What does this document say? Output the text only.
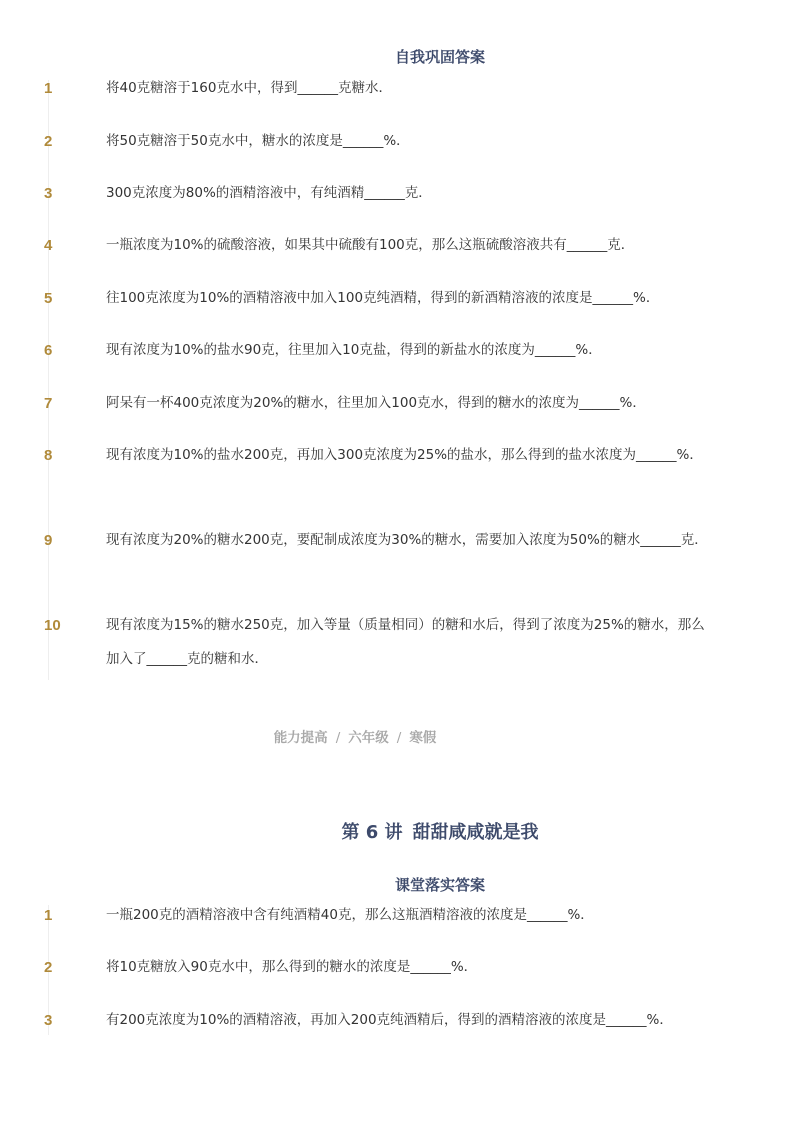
自我巩固答案
1	将40克糖溶于160克水中，得到______克糖水．
2	将50克糖溶于50克水中，糖水的浓度是______%．
3	300克浓度为80%的酒精溶液中，有纯酒精______克．
4	一瓶浓度为10%的硫酸溶液，如果其中硫酸有100克，那么这瓶硫酸溶液共有______克．
5	往100克浓度为10%的酒精溶液中加入100克纯酒精，得到的新酒精溶液的浓度是______%．
6	现有浓度为10%的盐水90克，往里加入10克盐，得到的新盐水的浓度为______%．
7	阿呆有一杯400克浓度为20%的糖水，往里加入100克水，得到的糖水的浓度为______%．
8	现有浓度为10%的盐水200克，再加入300克浓度为25%的盐水，那么得到的盐水浓度为______%．
9	现有浓度为20%的糖水200克，要配制成浓度为30%的糖水，需要加入浓度为50%的糖水______克．
10	现有浓度为15%的糖水250克，加入等量（质量相同）的糖和水后，得到了浓度为25%的糖水，那么加入了______克的糖和水．
能力提高 / 六年级 / 寒假
第 6 讲 甜甜咸咸就是我
课堂落实答案
1	一瓶200克的酒精溶液中含有纯酒精40克，那么这瓶酒精溶液的浓度是______%．
2	将10克糖放入90克水中，那么得到的糖水的浓度是______%．
3	有200克浓度为10%的酒精溶液，再加入200克纯酒精后，得到的酒精溶液的浓度是______%．
